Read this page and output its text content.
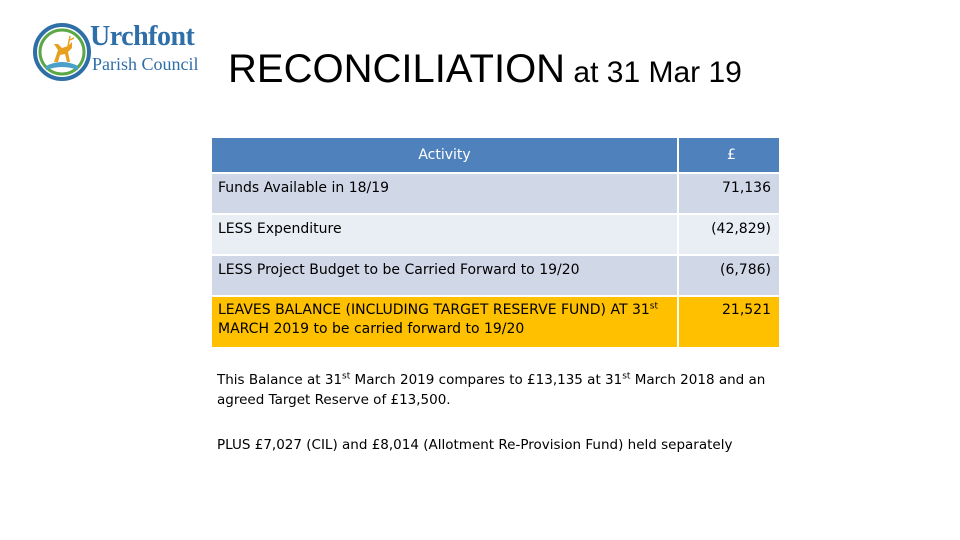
Urchfont
Parish Council RECONCILIATION at 31 Mar 19
Activity	£
Funds Available in 18/19	71,136
LESS Expenditure	(42,829)
LESS Project Budget to be Carried Forward to 19/20	(6,786)
LEAVES BALANCE (INCLUDING TARGET RESERVE FUND) AT 31st MARCH 2019 to be carried forward to 19/20	21,521
This Balance at 31st March 2019 compares to £13,135 at 31st March 2018 and an agreed Target Reserve of £13,500.
PLUS £7,027 (CIL) and £8,014 (Allotment Re-Provision Fund) held separately
